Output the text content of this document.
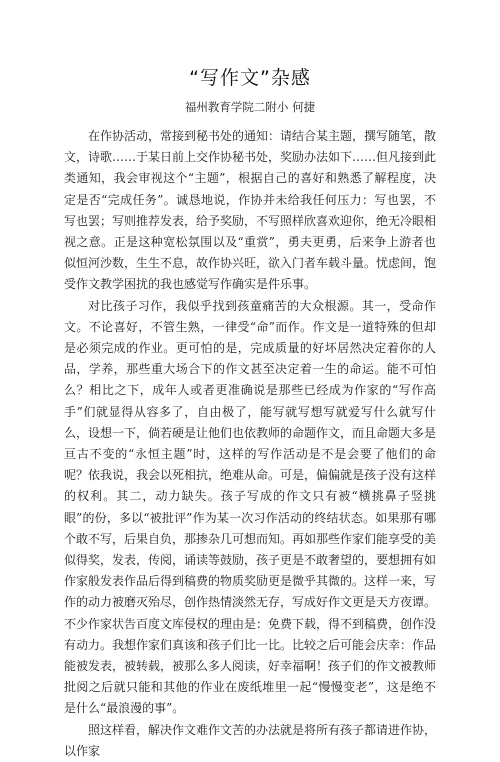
“写作文”杂感
福州教育学院二附小 何捷

在作协活动，常接到秘书处的通知：请结合某主题，撰写随笔，散文，诗歌……于某日前上交作协秘书处，奖励办法如下……但凡接到此类通知，我会审视这个“主题”，根据自己的喜好和熟悉了解程度，决定是否“完成任务”。诚恳地说，作协并未给我任何压力：写也罢，不写也罢；写则推荐发表，给予奖励，不写照样欣喜欢迎你，绝无冷眼相视之意。正是这种宽松氛围以及“重赏”，勇夫更勇，后来争上游者也似恒河沙数，生生不息，故作协兴旺，欲入门者车载斗量。忧虑间，饱受作文教学困扰的我也感觉写作确实是件乐事。

对比孩子习作，我似乎找到孩童痛苦的大众根源。其一，受命作文。不论喜好，不管生熟，一律受“命”而作。作文是一道特殊的但却是必须完成的作业。更可怕的是，完成质量的好坏居然决定着你的人品，学养，那些重大场合下的作文甚至决定着一生的命运。能不可怕么？相比之下，成年人或者更准确说是那些已经成为作家的“写作高手”们就显得从容多了，自由极了，能写就写想写就爱写什么就写什么，设想一下，倘若硬是让他们也依教师的命题作文，而且命题大多是亘古不变的“永恒主题”时，这样的写作活动是不是会要了他们的命呢？依我说，我会以死相抗，绝难从命。可是，偏偏就是孩子没有这样的权利。其二，动力缺失。孩子写成的作文只有被“横挑鼻子竖挑眼”的份，多以“被批评”作为某一次习作活动的终结状态。如果那有哪个敢不写，后果自负，那掺杂几可想而知。再如那些作家们能享受的美似得奖，发表，传阅，诵读等鼓励，孩子更是不敢奢望的，要想拥有如作家般发表作品后得到稿费的物质奖励更是微乎其微的。这样一来，写作的动力被磨灭殆尽，创作热情淡然无存，写成好作文更是天方夜谭。不少作家状告百度文库侵权的理由是：免费下载，得不到稿费，创作没有动力。我想作家们真该和孩子们比一比。比较之后可能会庆幸：作品能被发表，被转载，被那么多人阅读，好幸福啊！孩子们的作文被教师批阅之后就只能和其他的作业在废纸堆里一起“慢慢变老”，这是绝不是什么“最浪漫的事”。

照这样看，解决作文难作文苦的办法就是将所有孩子都请进作协，以作家
